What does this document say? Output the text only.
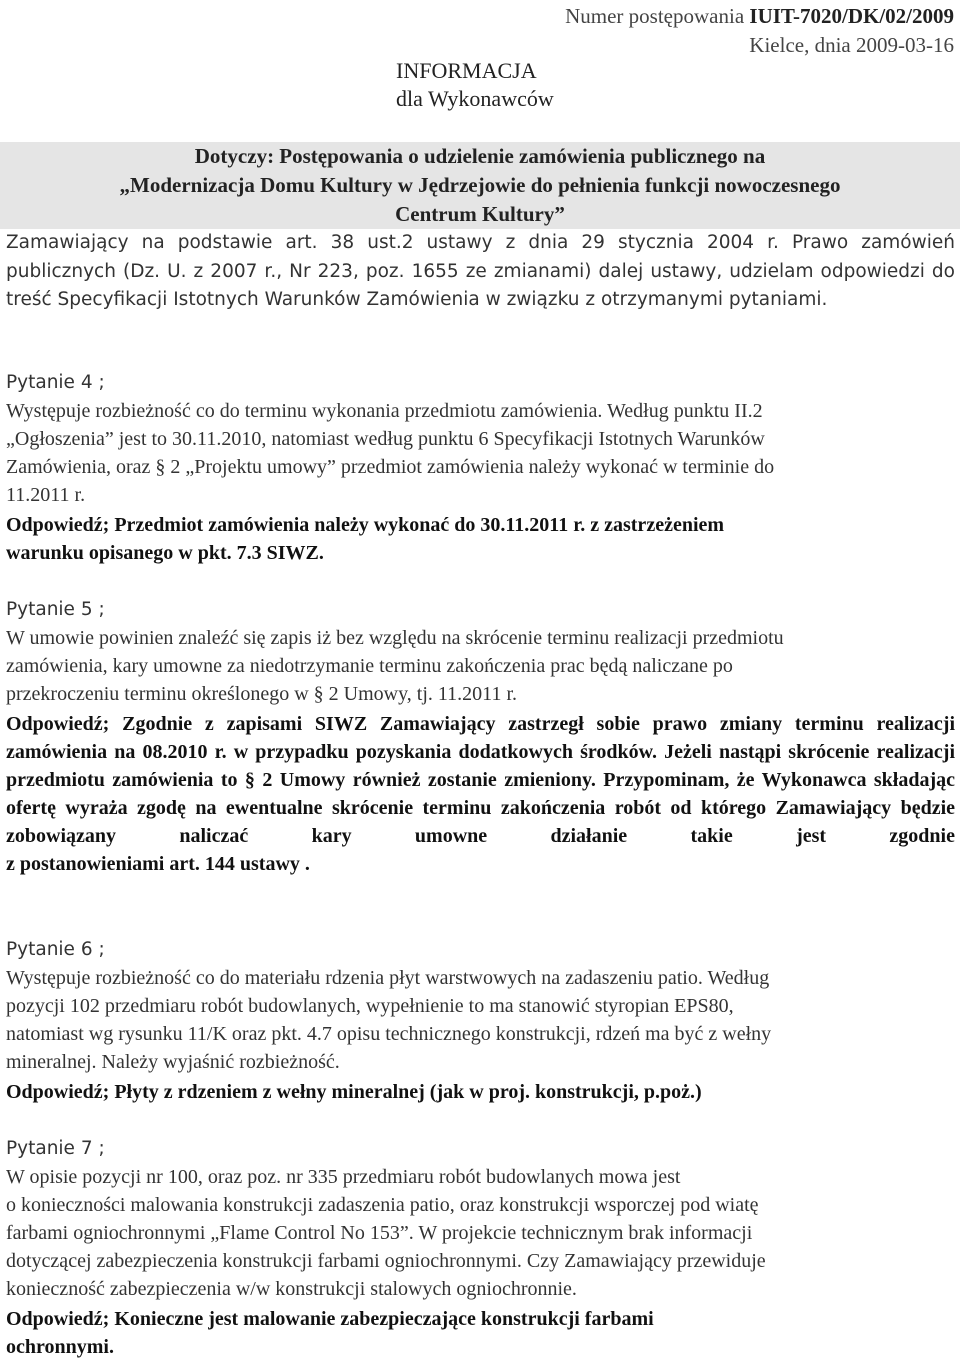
Numer postępowania IUIT-7020/DK/02/2009
Kielce, dnia 2009-03-16
INFORMACJA
dla Wykonawców
Dotyczy: Postępowania o udzielenie zamówienia publicznego na
„Modernizacja Domu Kultury w Jędrzejowie do pełnienia funkcji nowoczesnego
Centrum Kultury”
Zamawiający na podstawie art. 38 ust.2 ustawy z dnia 29 stycznia 2004 r. Prawo zamówień publicznych (Dz. U. z 2007 r., Nr 223, poz. 1655 ze zmianami) dalej ustawy, udzielam odpowiedzi do treść Specyfikacji Istotnych Warunków Zamówienia w związku z otrzymanymi pytaniami.
Pytanie 4 ;
Występuje rozbieżność co do terminu wykonania przedmiotu zamówienia. Według punktu II.2
„Ogłoszenia” jest to 30.11.2010, natomiast według punktu 6 Specyfikacji Istotnych Warunków
Zamówienia, oraz § 2 „Projektu umowy” przedmiot zamówienia należy wykonać w terminie do
11.2011 r.
Odpowiedź; Przedmiot zamówienia należy wykonać do 30.11.2011 r. z zastrzeżeniem
warunku opisanego w pkt. 7.3 SIWZ.
Pytanie 5 ;
W umowie powinien znaleźć się zapis iż bez względu na skrócenie terminu realizacji przedmiotu
zamówienia, kary umowne za niedotrzymanie terminu zakończenia prac będą naliczane po
przekroczeniu terminu określonego w § 2 Umowy, tj. 11.2011 r.
Odpowiedź; Zgodnie z zapisami SIWZ Zamawiający zastrzegł sobie prawo zmiany terminu realizacji zamówienia na 08.2010 r. w przypadku pozyskania dodatkowych środków. Jeżeli nastąpi skrócenie realizacji przedmiotu zamówienia to § 2 Umowy również zostanie zmieniony. Przypominam, że Wykonawca składając ofertę wyraża zgodę na ewentualne skrócenie terminu zakończenia robót od którego Zamawiający będzie zobowiązany naliczać kary umowne działanie takie jest zgodnie
z postanowieniami art. 144 ustawy .
Pytanie 6 ;
Występuje rozbieżność co do materiału rdzenia płyt warstwowych na zadaszeniu patio. Według
pozycji 102 przedmiaru robót budowlanych, wypełnienie to ma stanowić styropian EPS80,
natomiast wg rysunku 11/K oraz pkt. 4.7 opisu technicznego konstrukcji, rdzeń ma być z wełny
mineralnej. Należy wyjaśnić rozbieżność.
Odpowiedź; Płyty z rdzeniem z wełny mineralnej (jak w proj. konstrukcji, p.poż.)
Pytanie 7 ;
W opisie pozycji nr 100, oraz poz. nr 335 przedmiaru robót budowlanych mowa jest
o konieczności malowania konstrukcji zadaszenia patio, oraz konstrukcji wsporczej pod wiatę
farbami ogniochronnymi „Flame Control No 153”. W projekcie technicznym brak informacji
dotyczącej zabezpieczenia konstrukcji farbami ogniochronnymi. Czy Zamawiający przewiduje
konieczność zabezpieczenia w/w konstrukcji stalowych ogniochronnie.
Odpowiedź; Konieczne jest malowanie zabezpieczające konstrukcji farbami
ochronnymi.
